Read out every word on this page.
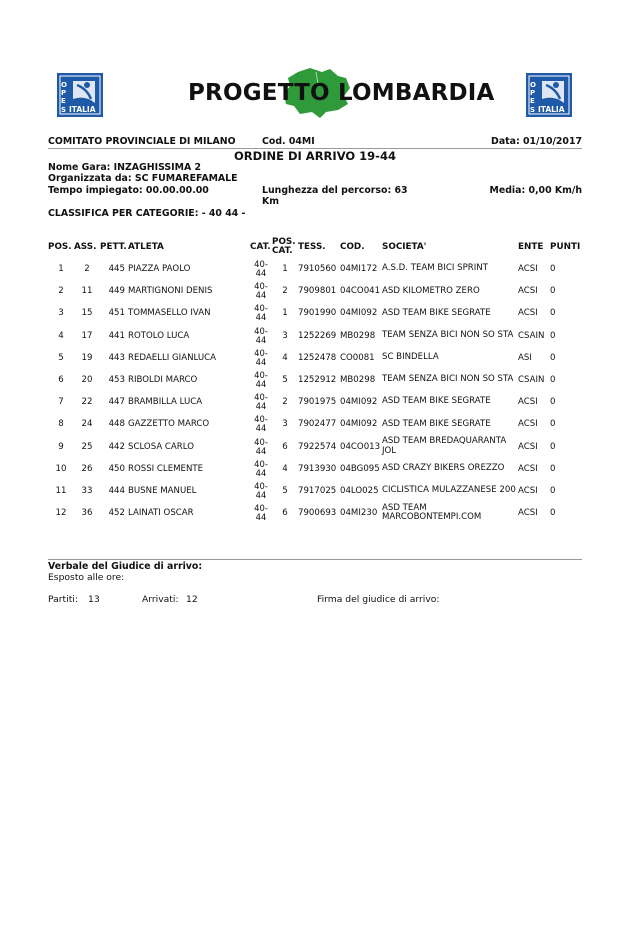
O
P
E
S ITALIA
PROGETTO LOMBARDIA	O
P
E
S ITALIA
COMITATO PROVINCIALE DI MILANO	Cod. 04MI	Data: 01/10/2017
ORDINE DI ARRIVO 19-44
Nome Gara: INZAGHISSIMA 2
Organizzata da: SC FUMAREFAMALE
Tempo impiegato: 00.00.00.00	Lunghezza del percorso: 63
Km
Media: 0,00 Km/h
CLASSIFICA PER CATEGORIE: - 40 44 -
POS.	ASS.	PETT.	ATLETA	CAT.	POS.
CAT.	TESS.	COD.	SOCIETA'	ENTE	PUNTI
1	2	445	PIAZZA PAOLO	40-
44	1	7910560	04MI172	A.S.D. TEAM BICI SPRINT	ACSI	0
2	11	449	MARTIGNONI DENIS	40-
44	2	7909801	04CO041	ASD KILOMETRO ZERO	ACSI	0
3	15	451	TOMMASELLO IVAN	40-
44	1	7901990	04MI092	ASD TEAM BIKE SEGRATE	ACSI	0
4	17	441	ROTOLO LUCA	40-
44	3	1252269	MB0298	TEAM SENZA BICI NON SO STA	CSAIN	0
5	19	443	REDAELLI GIANLUCA	40-
44	4	1252478	CO0081	SC BINDELLA	ASI	0
6	20	453	RIBOLDI MARCO	40-
44	5	1252912	MB0298	TEAM SENZA BICI NON SO STA	CSAIN	0
7	22	447	BRAMBILLA LUCA	40-
44	2	7901975	04MI092	ASD TEAM BIKE SEGRATE	ACSI	0
8	24	448	GAZZETTO MARCO	40-
44	3	7902477	04MI092	ASD TEAM BIKE SEGRATE	ACSI	0
9	25	442	SCLOSA CARLO	40-
44	6	7922574	04CO013	ASD TEAM BREDAQUARANTA JOL	ACSI	0
10	26	450	ROSSI CLEMENTE	40-
44	4	7913930	04BG095	ASD CRAZY BIKERS OREZZO	ACSI	0
11	33	444	BUSNE MANUEL	40-
44	5	7917025	04LO025	CICLISTICA MULAZZANESE 200	ACSI	0
12	36	452	LAINATI OSCAR	40-
44	6	7900693	04MI230	ASD TEAM MARCOBONTEMPI.COM	ACSI	0
Verbale del Giudice di arrivo:
Esposto alle ore:
Partiti: 13	Arrivati: 12	Firma del giudice di arrivo:
